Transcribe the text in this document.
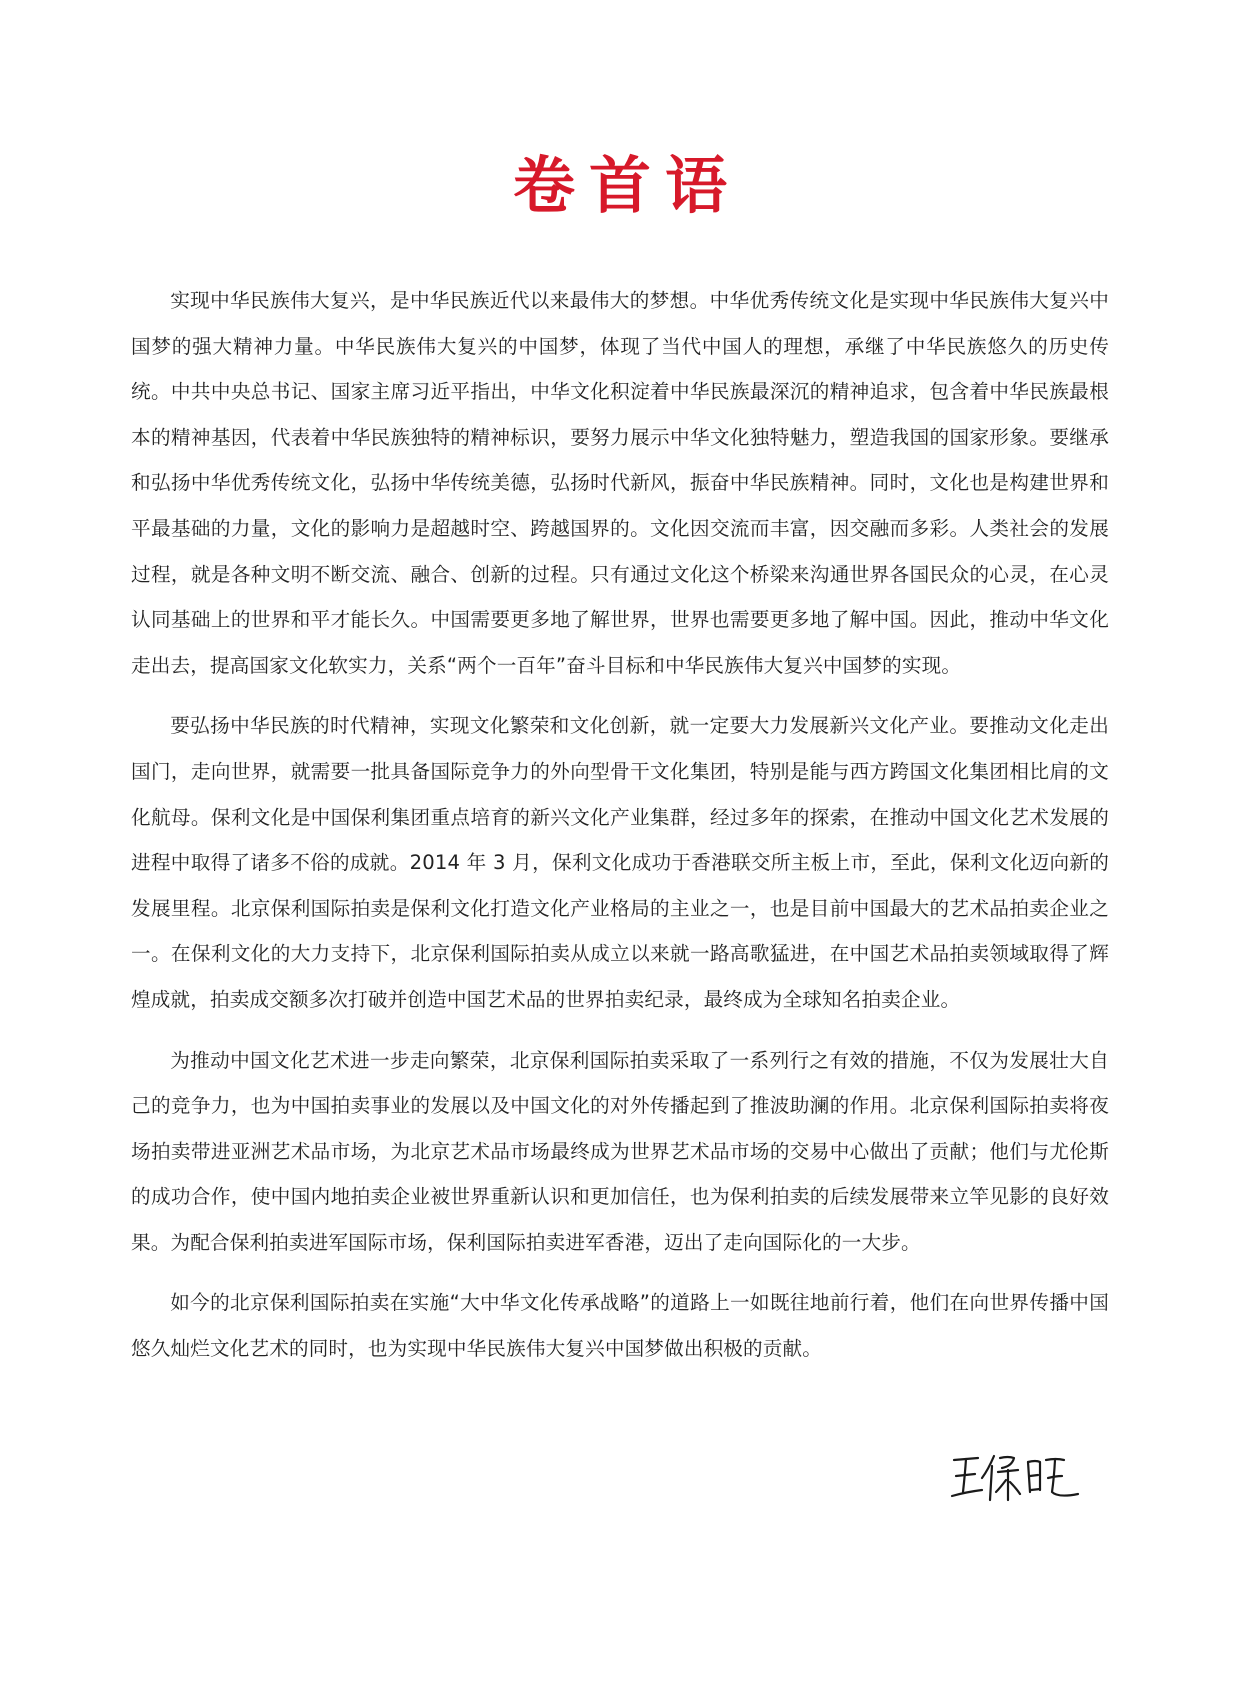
卷首语

实现中华民族伟大复兴，是中华民族近代以来最伟大的梦想。中华优秀传统文化是实现中华民族伟大复兴中国梦的强大精神力量。中华民族伟大复兴的中国梦，体现了当代中国人的理想，承继了中华民族悠久的历史传统。中共中央总书记、国家主席习近平指出，中华文化积淀着中华民族最深沉的精神追求，包含着中华民族最根本的精神基因，代表着中华民族独特的精神标识，要努力展示中华文化独特魅力，塑造我国的国家形象。要继承和弘扬中华优秀传统文化，弘扬中华传统美德，弘扬时代新风，振奋中华民族精神。同时，文化也是构建世界和平最基础的力量，文化的影响力是超越时空、跨越国界的。文化因交流而丰富，因交融而多彩。人类社会的发展过程，就是各种文明不断交流、融合、创新的过程。只有通过文化这个桥梁来沟通世界各国民众的心灵，在心灵认同基础上的世界和平才能长久。中国需要更多地了解世界，世界也需要更多地了解中国。因此，推动中华文化走出去，提高国家文化软实力，关系“两个一百年”奋斗目标和中华民族伟大复兴中国梦的实现。

要弘扬中华民族的时代精神，实现文化繁荣和文化创新，就一定要大力发展新兴文化产业。要推动文化走出国门，走向世界，就需要一批具备国际竞争力的外向型骨干文化集团，特别是能与西方跨国文化集团相比肩的文化航母。保利文化是中国保利集团重点培育的新兴文化产业集群，经过多年的探索，在推动中国文化艺术发展的进程中取得了诸多不俗的成就。2014 年 3 月，保利文化成功于香港联交所主板上市，至此，保利文化迈向新的发展里程。北京保利国际拍卖是保利文化打造文化产业格局的主业之一，也是目前中国最大的艺术品拍卖企业之一。在保利文化的大力支持下，北京保利国际拍卖从成立以来就一路高歌猛进，在中国艺术品拍卖领域取得了辉煌成就，拍卖成交额多次打破并创造中国艺术品的世界拍卖纪录，最终成为全球知名拍卖企业。

为推动中国文化艺术进一步走向繁荣，北京保利国际拍卖采取了一系列行之有效的措施，不仅为发展壮大自己的竞争力，也为中国拍卖事业的发展以及中国文化的对外传播起到了推波助澜的作用。北京保利国际拍卖将夜场拍卖带进亚洲艺术品市场，为北京艺术品市场最终成为世界艺术品市场的交易中心做出了贡献；他们与尤伦斯的成功合作，使中国内地拍卖企业被世界重新认识和更加信任，也为保利拍卖的后续发展带来立竿见影的良好效果。为配合保利拍卖进军国际市场，保利国际拍卖进军香港，迈出了走向国际化的一大步。

如今的北京保利国际拍卖在实施“大中华文化传承战略”的道路上一如既往地前行着，他们在向世界传播中国悠久灿烂文化艺术的同时，也为实现中华民族伟大复兴中国梦做出积极的贡献。
